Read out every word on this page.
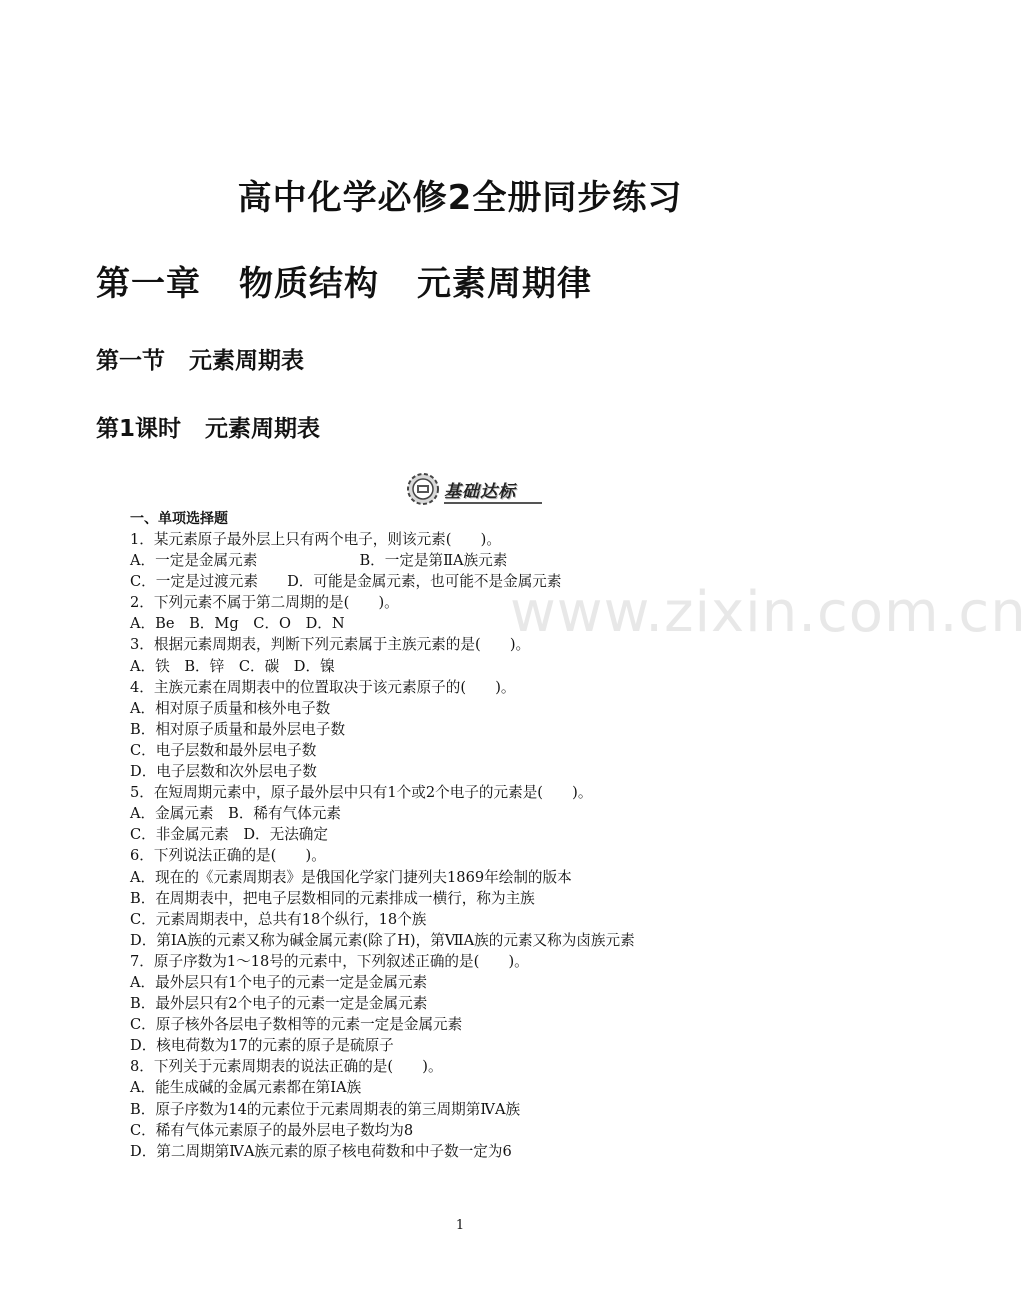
高中化学必修2全册同步练习
第一章 物质结构 元素周期律
第一节 元素周期表
第1课时 元素周期表
基础达标
一、单项选择题
1．某元素原子最外层上只有两个电子，则该元素(　　)。
A．一定是金属元素　　　　　　　B．一定是第ⅡA族元素
C．一定是过渡元素　　D．可能是金属元素，也可能不是金属元素
2．下列元素不属于第二周期的是(　　)。
A．Be　B．Mg　C．O　D．N
3．根据元素周期表，判断下列元素属于主族元素的是(　　)。
A．铁　B．锌　C．碳　D．镍
4．主族元素在周期表中的位置取决于该元素原子的(　　)。
A．相对原子质量和核外电子数
B．相对原子质量和最外层电子数
C．电子层数和最外层电子数
D．电子层数和次外层电子数
5．在短周期元素中，原子最外层中只有1个或2个电子的元素是(　　)。
A．金属元素　B．稀有气体元素
C．非金属元素　D．无法确定
6．下列说法正确的是(　　)。
A．现在的《元素周期表》是俄国化学家门捷列夫1869年绘制的版本
B．在周期表中，把电子层数相同的元素排成一横行，称为主族
C．元素周期表中，总共有18个纵行，18个族
D．第ⅠA族的元素又称为碱金属元素(除了H)，第ⅦA族的元素又称为卤族元素
7．原子序数为1～18号的元素中，下列叙述正确的是(　　)。
A．最外层只有1个电子的元素一定是金属元素
B．最外层只有2个电子的元素一定是金属元素
C．原子核外各层电子数相等的元素一定是金属元素
D．核电荷数为17的元素的原子是硫原子
8．下列关于元素周期表的说法正确的是(　　)。
A．能生成碱的金属元素都在第ⅠA族
B．原子序数为14的元素位于元素周期表的第三周期第ⅣA族
C．稀有气体元素原子的最外层电子数均为8
D．第二周期第ⅣA族元素的原子核电荷数和中子数一定为6
www.zixin.com.cn
1
